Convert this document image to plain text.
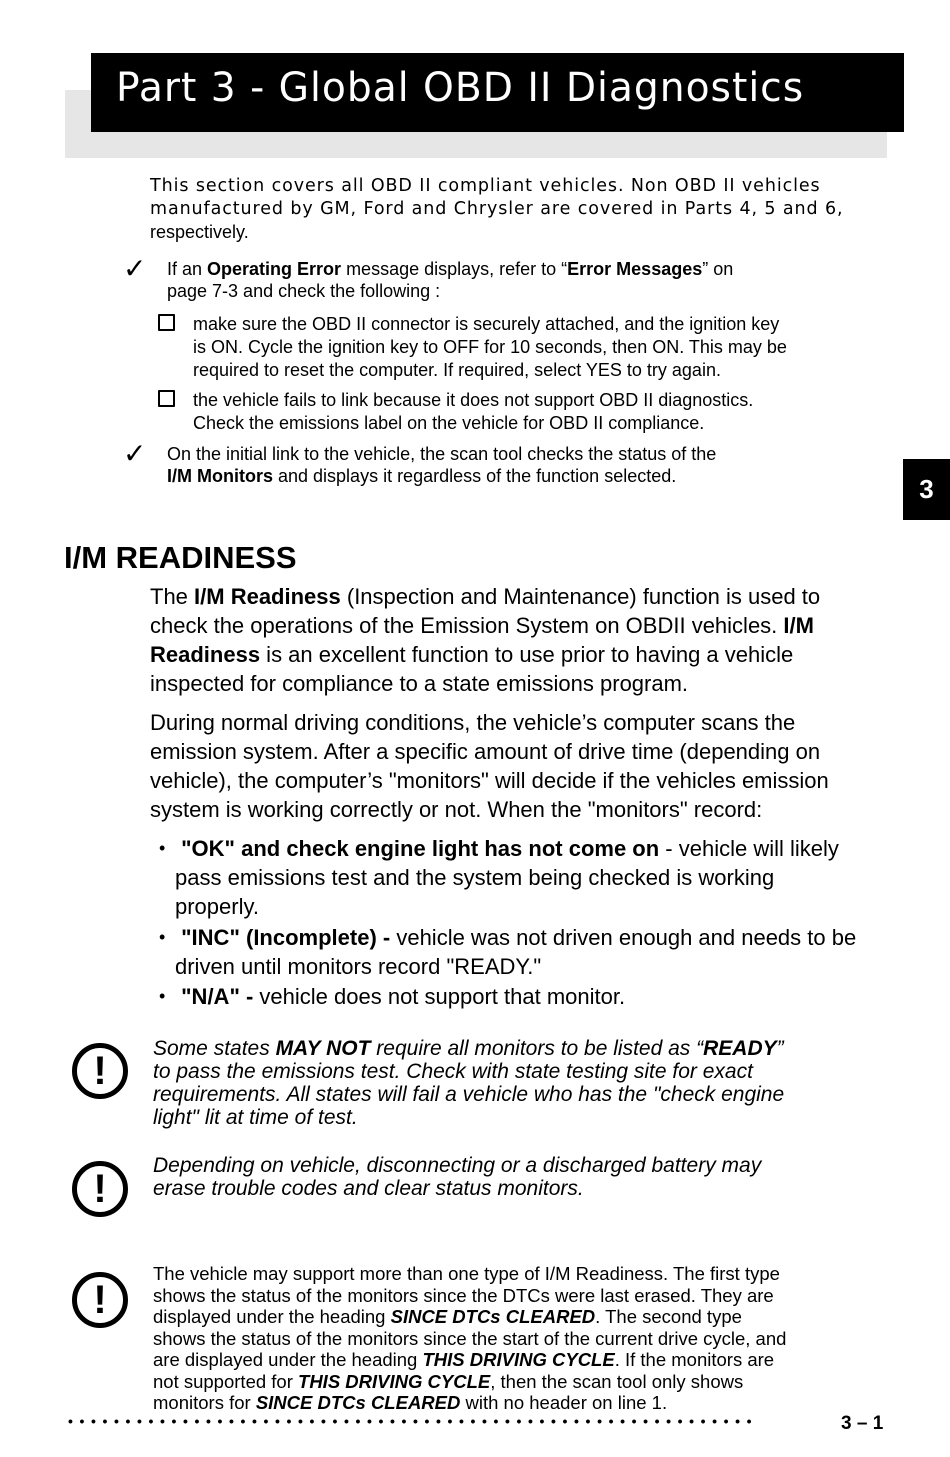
Part 3 - Global OBD II Diagnostics
3
This section covers all OBD II compliant vehicles. Non OBD II vehicles
manufactured by GM, Ford and Chrysler are covered in Parts 4, 5 and 6,
respectively.
✓ If an Operating Error message displays, refer to “Error Messages” on
page 7-3 and check the following :
make sure the OBD II connector is securely attached, and the ignition key
is ON. Cycle the ignition key to OFF for 10 seconds, then ON. This may be
required to reset the computer. If required, select YES to try again.
the vehicle fails to link because it does not support OBD II diagnostics.
Check the emissions label on the vehicle for OBD II compliance.
✓ On the initial link to the vehicle, the scan tool checks the status of the
I/M Monitors and displays it regardless of the function selected.
I/M READINESS
The I/M Readiness (Inspection and Maintenance) function is used to
check the operations of the Emission System on OBDII vehicles. I/M
Readiness is an excellent function to use prior to having a vehicle
inspected for compliance to a state emissions program.
During normal driving conditions, the vehicle’s computer scans the
emission system. After a specific amount of drive time (depending on
vehicle), the computer’s "monitors" will decide if the vehicles emission
system is working correctly or not. When the "monitors" record:
• "OK" and check engine light has not come on - vehicle will likely
pass emissions test and the system being checked is working
properly.
• "INC" (Incomplete) - vehicle was not driven enough and needs to be
driven until monitors record "READY."
• "N/A" - vehicle does not support that monitor.
!	Some states MAY NOT require all monitors to be listed as “READY”
to pass the emissions test. Check with state testing site for exact
requirements. All states will fail a vehicle who has the "check engine
light" lit at time of test.
!
Depending on vehicle, disconnecting or a discharged battery may
erase trouble codes and clear status monitors.
!
The vehicle may support more than one type of I/M Readiness. The first type
shows the status of the monitors since the DTCs were last erased. They are
displayed under the heading SINCE DTCs CLEARED. The second type
shows the status of the monitors since the start of the current drive cycle, and
are displayed under the heading THIS DRIVING CYCLE. If the monitors are
not supported for THIS DRIVING CYCLE, then the scan tool only shows
monitors for SINCE DTCs CLEARED with no header on line 1.
••••••••••••••••••••••••••••••••••••••••••••••••••••••••••••	3 – 1
